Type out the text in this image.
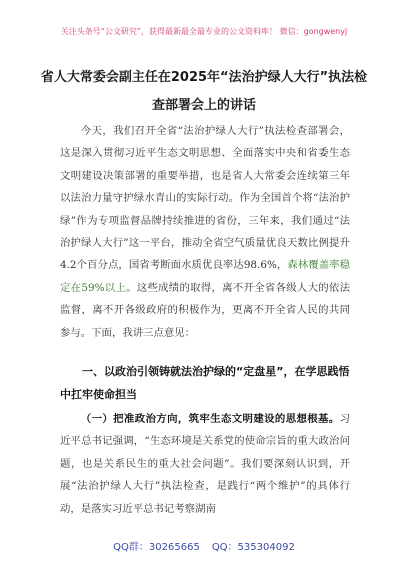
关注头条号“公文研究”，获得最新最全最专业的公文资料库！ 微信：gongwenyj
省人大常委会副主任在2025年“法治护绿人大行”执法检查部署会上的讲话
今天，我们召开全省“法治护绿人大行”执法检查部署会，这是深入贯彻习近平生态文明思想、全面落实中央和省委生态文明建设决策部署的重要举措，也是省人大常委会连续第三年以法治力量守护绿水青山的实际行动。作为全国首个将“法治护绿”作为专项监督品牌持续推进的省份，三年来，我们通过“法治护绿人大行”这一平台，推动全省空气质量优良天数比例提升4.2个百分点，国省考断面水质优良率达98.6%，森林覆盖率稳定在59%以上。这些成绩的取得，离不开全省各级人大的依法监督，离不开各级政府的积极作为，更离不开全省人民的共同参与。下面，我讲三点意见：
一、以政治引领铸就法治护绿的“定盘星”，在学思践悟中扛牢使命担当
（一）把准政治方向，筑牢生态文明建设的思想根基。习近平总书记强调，“生态环境是关系党的使命宗旨的重大政治问题，也是关系民生的重大社会问题”。我们要深刻认识到，开展“法治护绿人大行”执法检查，是践行“两个维护”的具体行动，是落实习近平总书记考察湖南
QQ群：30265665 QQ：535304092
